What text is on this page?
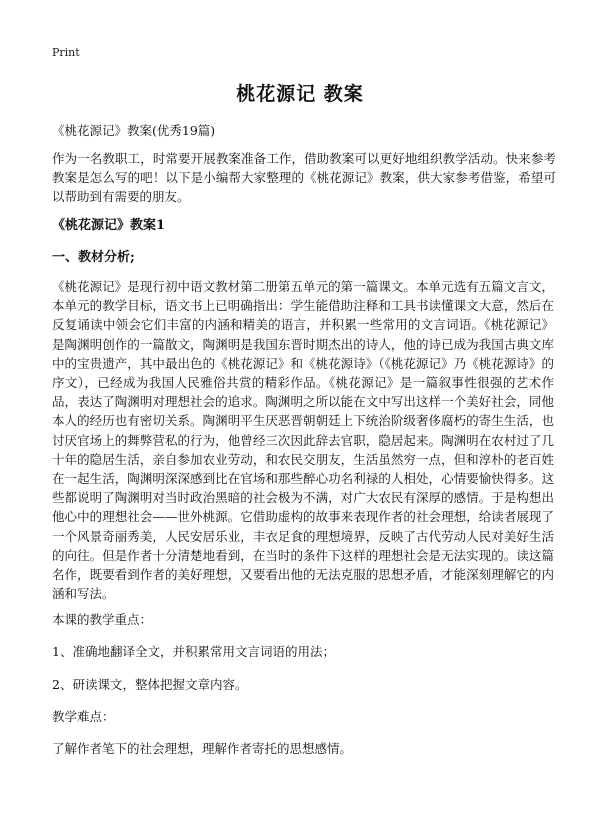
Print
桃花源记 教案
《桃花源记》教案(优秀19篇)
作为一名教职工，时常要开展教案准备工作，借助教案可以更好地组织教学活动。快来参考教案是怎么写的吧！以下是小编帮大家整理的《桃花源记》教案，供大家参考借鉴，希望可以帮助到有需要的朋友。
《桃花源记》教案1
一、教材分析;
《桃花源记》是现行初中语文教材第二册第五单元的第一篇课文。本单元选有五篇文言文，本单元的教学目标，语文书上已明确指出：学生能借助注释和工具书读懂课文大意，然后在反复诵读中领会它们丰富的内涵和精美的语言，并积累一些常用的文言词语。《桃花源记》是陶渊明创作的一篇散文，陶渊明是我国东晋时期杰出的诗人，他的诗已成为我国古典文库中的宝贵遗产，其中最出色的《桃花源记》和《桃花源诗》（《桃花源记》乃《桃花源诗》的序文），已经成为我国人民雅俗共赏的精彩作品。《桃花源记》是一篇叙事性很强的艺术作品，表达了陶渊明对理想社会的追求。陶渊明之所以能在文中写出这样一个美好社会，同他本人的经历也有密切关系。陶渊明平生厌恶晋朝朝廷上下统治阶级奢侈腐朽的寄生生活，也讨厌官场上的舞弊营私的行为，他曾经三次因此辞去官职，隐居起来。陶渊明在农村过了几十年的隐居生活，亲自参加农业劳动，和农民交朋友，生活虽然穷一点，但和淳朴的老百姓在一起生活，陶渊明深深感到比在官场和那些醉心功名利禄的人相处，心情要愉快得多。这些都说明了陶渊明对当时政治黑暗的社会极为不满，对广大农民有深厚的感情。于是构想出他心中的理想社会——世外桃源。它借助虚构的故事来表现作者的社会理想，给读者展现了一个风景奇丽秀美，人民安居乐业，丰衣足食的理想境界，反映了古代劳动人民对美好生活的向往。但是作者十分清楚地看到，在当时的条件下这样的理想社会是无法实现的。读这篇名作，既要看到作者的美好理想，又要看出他的无法克服的思想矛盾，才能深刻理解它的内涵和写法。
本课的教学重点：
1、准确地翻译全文，并积累常用文言词语的用法；
2、研读课文，整体把握文章内容。
教学难点：
了解作者笔下的社会理想，理解作者寄托的思想感情。
